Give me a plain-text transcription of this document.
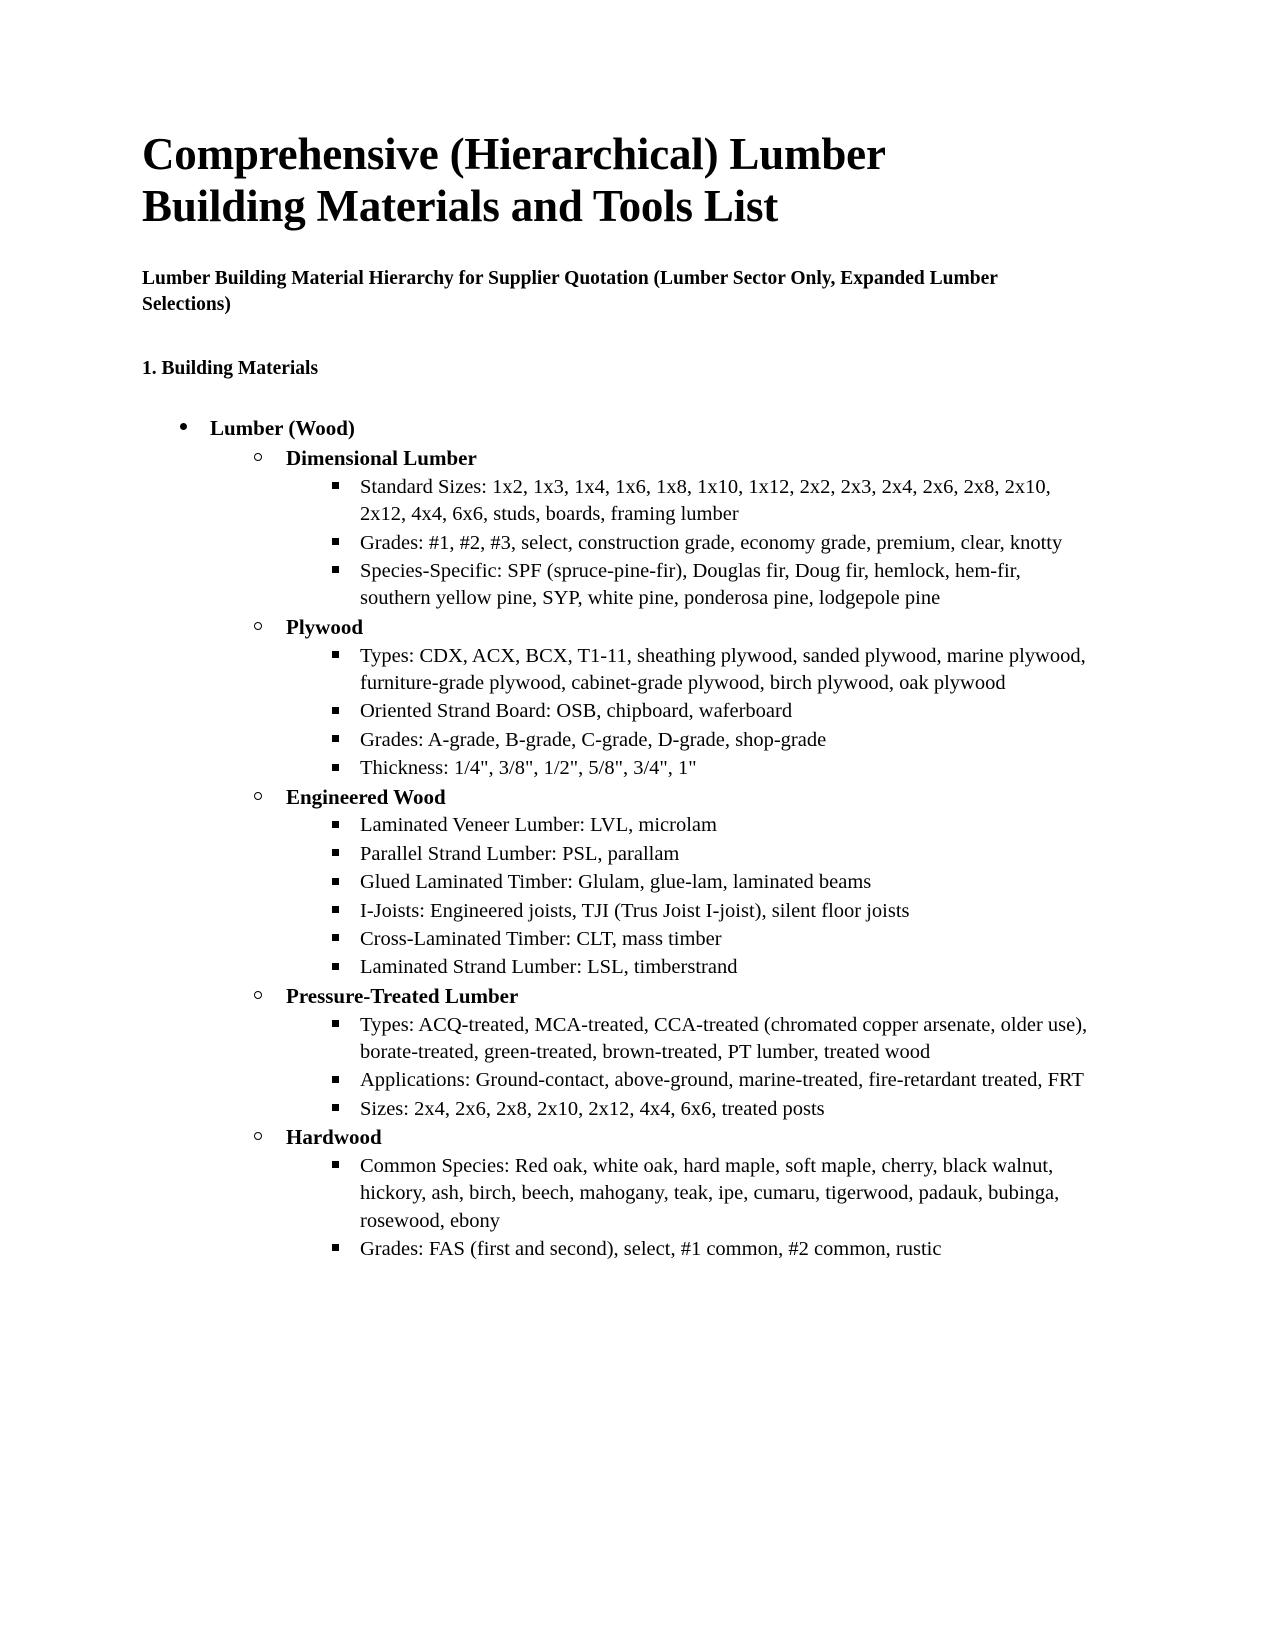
Comprehensive (Hierarchical) Lumber Building Materials and Tools List

Lumber Building Material Hierarchy for Supplier Quotation (Lumber Sector Only, Expanded Lumber Selections)

1. Building Materials
Lumber (Wood)
Dimensional Lumber
Standard Sizes: 1x2, 1x3, 1x4, 1x6, 1x8, 1x10, 1x12, 2x2, 2x3, 2x4, 2x6, 2x8, 2x10, 2x12, 4x4, 6x6, studs, boards, framing lumber
Grades: #1, #2, #3, select, construction grade, economy grade, premium, clear, knotty
Species-Specific: SPF (spruce-pine-fir), Douglas fir, Doug fir, hemlock, hem-fir, southern yellow pine, SYP, white pine, ponderosa pine, lodgepole pine
Plywood
Types: CDX, ACX, BCX, T1-11, sheathing plywood, sanded plywood, marine plywood, furniture-grade plywood, cabinet-grade plywood, birch plywood, oak plywood
Oriented Strand Board: OSB, chipboard, waferboard
Grades: A-grade, B-grade, C-grade, D-grade, shop-grade
Thickness: 1/4", 3/8", 1/2", 5/8", 3/4", 1"
Engineered Wood
Laminated Veneer Lumber: LVL, microlam
Parallel Strand Lumber: PSL, parallam
Glued Laminated Timber: Glulam, glue-lam, laminated beams
I-Joists: Engineered joists, TJI (Trus Joist I-joist), silent floor joists
Cross-Laminated Timber: CLT, mass timber
Laminated Strand Lumber: LSL, timberstrand
Pressure-Treated Lumber
Types: ACQ-treated, MCA-treated, CCA-treated (chromated copper arsenate, older use), borate-treated, green-treated, brown-treated, PT lumber, treated wood
Applications: Ground-contact, above-ground, marine-treated, fire-retardant treated, FRT
Sizes: 2x4, 2x6, 2x8, 2x10, 2x12, 4x4, 6x6, treated posts
Hardwood
Common Species: Red oak, white oak, hard maple, soft maple, cherry, black walnut, hickory, ash, birch, beech, mahogany, teak, ipe, cumaru, tigerwood, padauk, bubinga, rosewood, ebony
Grades: FAS (first and second), select, #1 common, #2 common, rustic
